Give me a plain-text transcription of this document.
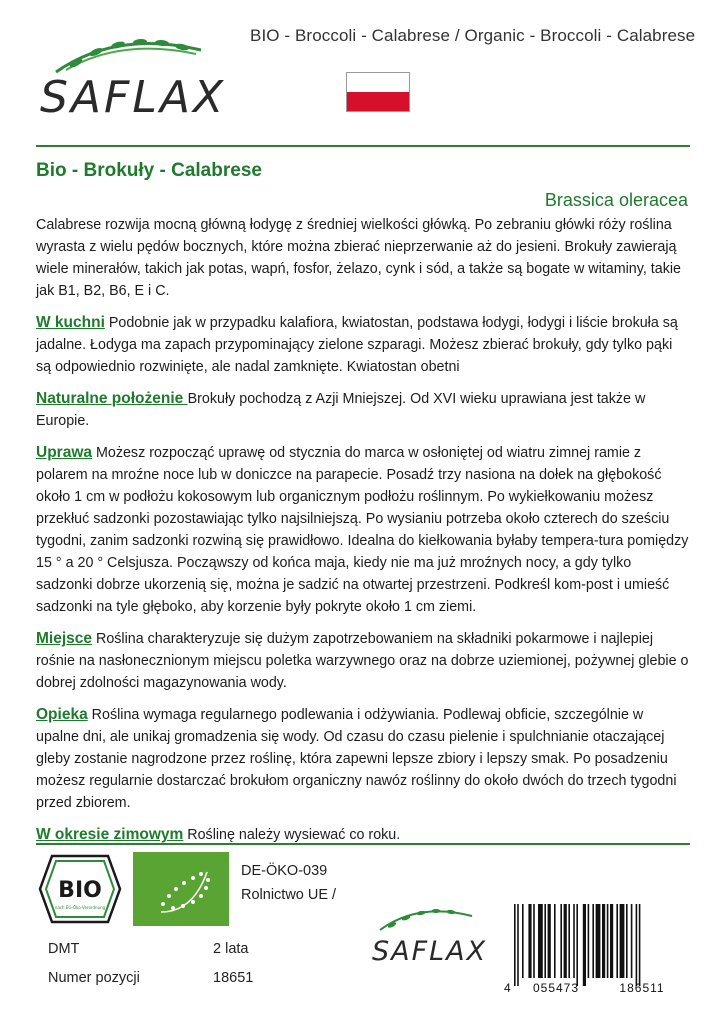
BIO - Broccoli - Calabrese / Organic - Broccoli - Calabrese
SAFLAX
Bio - Brokuły - Calabrese
Brassica oleracea

Calabrese rozwija mocną główną łodygę z średniej wielkości główką. Po zebraniu główki róży roślina wyrasta z wielu pędów bocznych, które można zbierać nieprzerwanie aż do jesieni. Brokuły zawierają wiele minerałów, takich jak potas, wapń, fosfor, żelazo, cynk i sód, a także są bogate w witaminy, takie jak B1, B2, B6, E i C.

W kuchni Podobnie jak w przypadku kalafiora, kwiatostan, podstawa łodygi, łodygi i liście brokuła są jadalne. Łodyga ma zapach przypominający zielone szparagi. Możesz zbierać brokuły, gdy tylko pąki są odpowiednio rozwinięte, ale nadal zamknięte. Kwiatostan obetni

Naturalne położenie Brokuły pochodzą z Azji Mniejszej. Od XVI wieku uprawiana jest także w Europie.

Uprawa Możesz rozpocząć uprawę od stycznia do marca w osłoniętej od wiatru zimnej ramie z polarem na mroźne noce lub w doniczce na parapecie. Posadź trzy nasiona na dołek na głębokość około 1 cm w podłożu kokosowym lub organicznym podłożu roślinnym. Po wykiełkowaniu możesz przekłuć sadzonki pozostawiając tylko najsilniejszą. Po wysianiu potrzeba około czterech do sześciu tygodni, zanim sadzonki rozwiną się prawidłowo. Idealna do kiełkowania byłaby tempera-tura pomiędzy 15 ° a 20 ° Celsjusza. Począwszy od końca maja, kiedy nie ma już mroźnych nocy, a gdy tylko sadzonki dobrze ukorzenią się, można je sadzić na otwartej przestrzeni. Podkreśl kom-post i umieść sadzonki na tyle głęboko, aby korzenie były pokryte około 1 cm ziemi.

Miejsce Roślina charakteryzuje się dużym zapotrzebowaniem na składniki pokarmowe i najlepiej rośnie na nasłonecznionym miejscu poletka warzywnego oraz na dobrze uziemionej, pożywnej glebie o dobrej zdolności magazynowania wody.

Opieka Roślina wymaga regularnego podlewania i odżywiania. Podlewaj obficie, szczególnie w upalne dni, ale unikaj gromadzenia się wody. Od czasu do czasu pielenie i spulchnianie otaczającej gleby zostanie nagrodzone przez roślinę, która zapewni lepsze zbiory i lepszy smak. Po posadzeniu możesz regularnie dostarczać brokułom organiczny nawóz roślinny do około dwóch do trzech tygodni przed zbiorem.

W okresie zimowym Roślinę należy wysiewać co roku.

BIO
nach EG-Öko-Verordnung
DE-ÖKO-039
Rolnictwo UE /
DMT	2 lata
Numer pozycji	18651
SAFLAX
4 055473	186511
